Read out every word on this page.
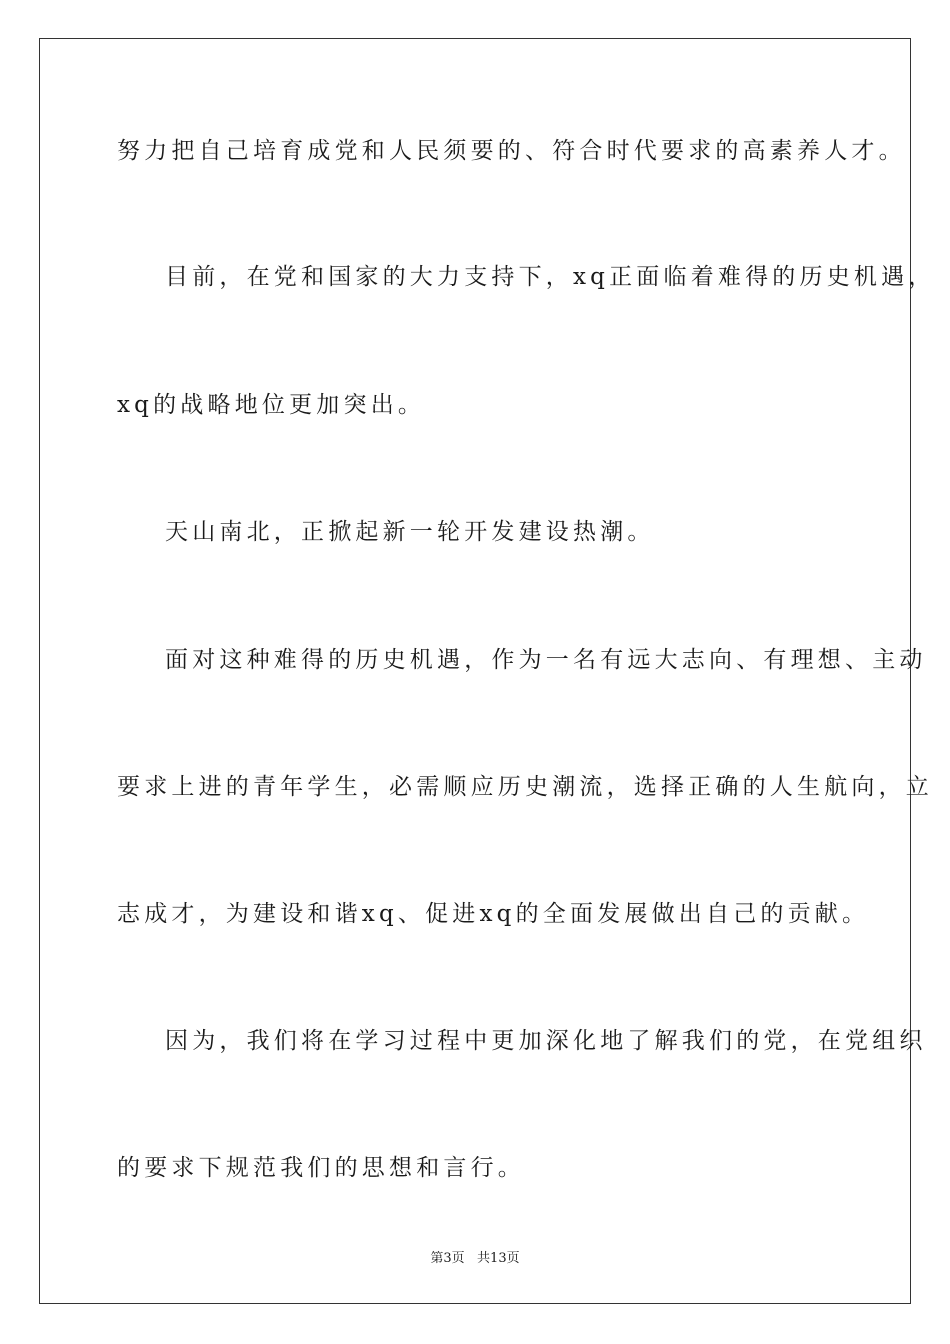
努力把自己培育成党和人民须要的、符合时代要求的高素养人才。
目前，在党和国家的大力支持下，xq正面临着难得的历史机遇，
xq的战略地位更加突出。
天山南北，正掀起新一轮开发建设热潮。
面对这种难得的历史机遇，作为一名有远大志向、有理想、主动
要求上进的青年学生，必需顺应历史潮流，选择正确的人生航向，立
志成才，为建设和谐xq、促进xq的全面发展做出自己的贡献。
因为，我们将在学习过程中更加深化地了解我们的党，在党组织
的要求下规范我们的思想和言行。
第3页   共13页
